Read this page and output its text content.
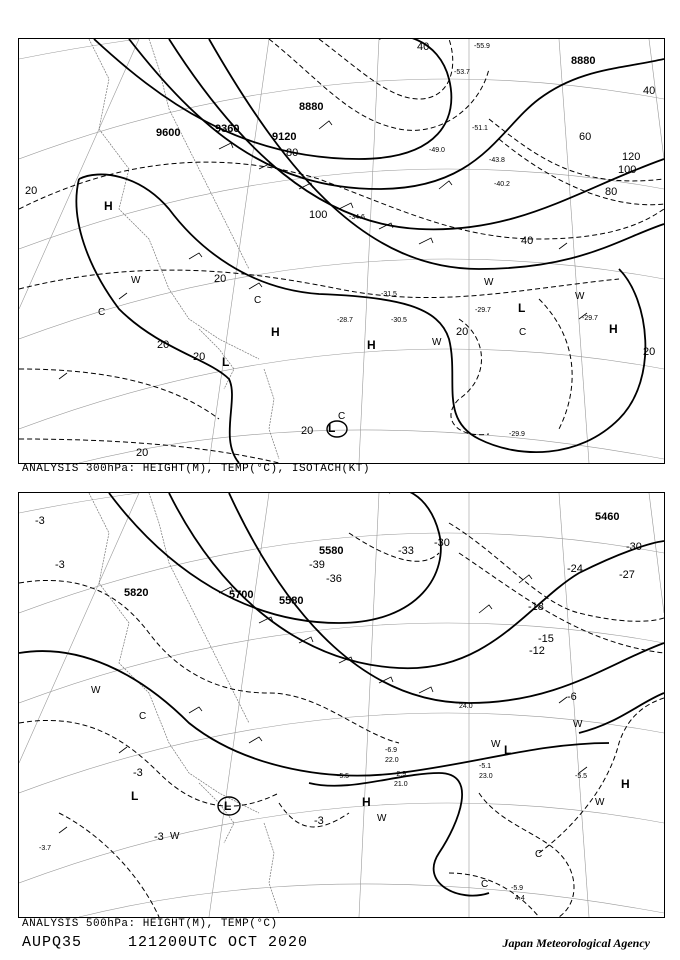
9600	9360
9120
8880
8880
20
20
20
20
20
20
20
20
40
40
40
60
80
80
100
100
120
H
H
H
H
L
L
L
W
W
W
W
C
C
C
C
-28.7	-30.5
-31.5
-29.7
-29.7
-29.9
-34.6
-40.2
-43.8
-49.0
-51.1
-53.7
-55.9
ANALYSIS 300hPa: HEIGHT(M), TEMP(°C), ISOTACH(KT)
5820	5700 5580
5580
5460
-3
-3
-3
-3
-3
-6
-12
-15
-18
-24	-27
-30
-30
-33
-36
-39
H
H
L
L
L
W
W
W
W
W
W
C
C
C
-5.5	-2.9
-6.9
-5.1
-5.9
-5.5
-3.7
23.0
21.0
22.0
24.0
4.4
ANALYSIS 500hPa: HEIGHT(M), TEMP(°C)
AUPQ35	121200UTC OCT 2020	Japan Meteorological Agency
